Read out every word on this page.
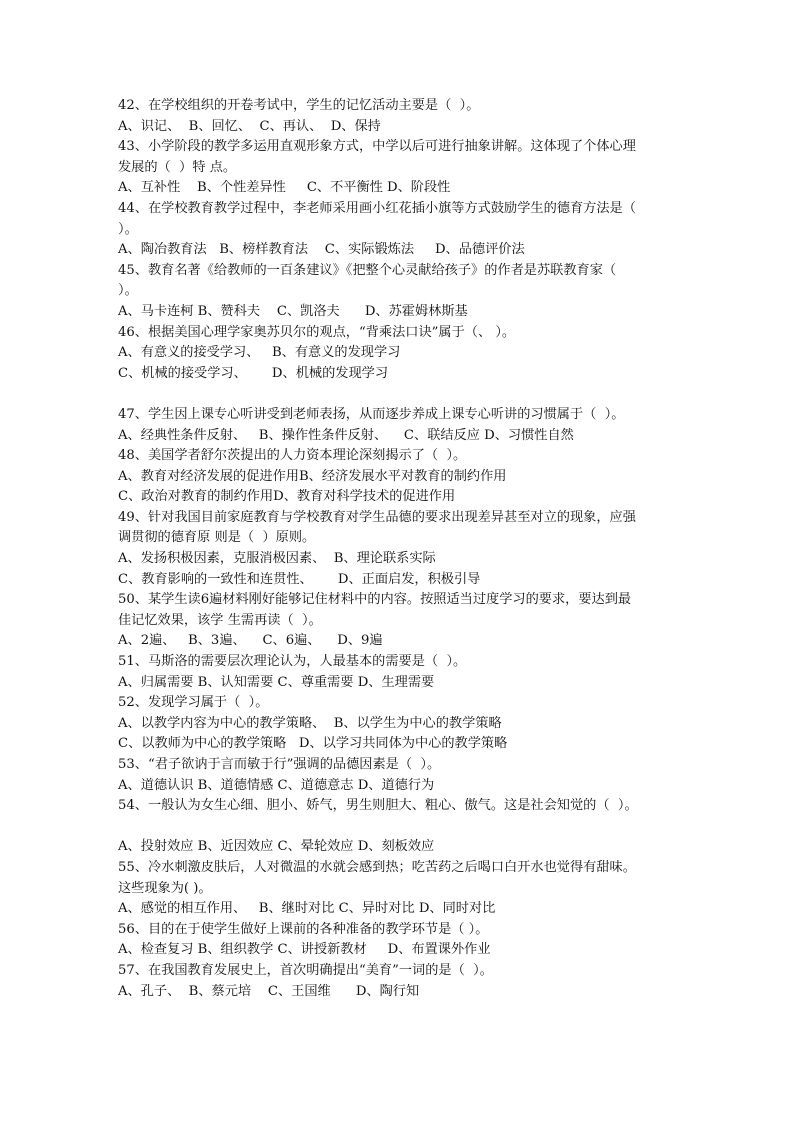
42、在学校组织的开卷考试中，学生的记忆活动主要是（  ）。
A、识记、  B、回忆、  C、再认、  D、保持
43、小学阶段的教学多运用直观形象方式，中学以后可进行抽象讲解。这体现了个体心理
发展的（  ）特 点。
A、互补性    B、个性差异性     C、不平衡性 D、阶段性
44、在学校教育教学过程中，李老师采用画小红花插小旗等方式鼓励学生的德育方法是（
）。
A、陶冶教育法   B、榜样教育法    C、实际锻炼法     D、品德评价法
45、教育名著《给教师的一百条建议》《把整个心灵献给孩子》的作者是苏联教育家（
）。
A、马卡连柯 B、赞科夫    C、凯洛夫      D、苏霍姆林斯基
46、根据美国心理学家奥苏贝尔的观点，“背乘法口诀”属于（、 ）。
A、有意义的接受学习、   B、有意义的发现学习
C、机械的接受学习、      D、机械的发现学习
47、学生因上课专心听讲受到老师表扬，从而逐步养成上课专心听讲的习惯属于（  ）。
A、经典性条件反射、   B、操作性条件反射、    C、联结反应 D、习惯性自然
48、美国学者舒尔茨提出的人力资本理论深刻揭示了（  ）。
A、教育对经济发展的促进作用B、经济发展水平对教育的制约作用
C、政治对教育的制约作用D、教育对科学技术的促进作用
49、针对我国目前家庭教育与学校教育对学生品德的要求出现差异甚至对立的现象，应强
调贯彻的德育原 则是（  ）原则。
A、发扬积极因素，克服消极因素、  B、理论联系实际
C、教育影响的一致性和连贯性、      D、正面启发，积极引导
50、某学生读6遍材料刚好能够记住材料中的内容。按照适当过度学习的要求，要达到最
佳记忆效果，该学 生需再读（  ）。
A、2遍、   B、3遍、    C、6遍、    D、9遍
51、马斯洛的需要层次理论认为，人最基本的需要是（  ）。
A、归属需要 B、认知需要 C、尊重需要 D、生理需要
52、发现学习属于（  ）。
A、以教学内容为中心的教学策略、  B、以学生为中心的教学策略
C、以教师为中心的教学策略   D、以学习共同体为中心的教学策略
53、“君子欲讷于言而敏于行”强调的品德因素是（  ）。
A、道德认识 B、道德情感 C、道德意志 D、道德行为
54、一般认为女生心细、胆小、娇气，男生则胆大、粗心、傲气。这是社会知觉的（  ）。
A、投射效应 B、近因效应 C、晕轮效应 D、刻板效应
55、冷水刺激皮肤后，人对微温的水就会感到热；吃苦药之后喝口白开水也觉得有甜味。
这些现象为( )。
A、感觉的相互作用、   B、继时对比 C、异时对比 D、同时对比
56、目的在于使学生做好上课前的各种准备的教学环节是（ ）。
A、检查复习 B、组织教学 C、讲授新教材     D、布置课外作业
57、在我国教育发展史上，首次明确提出“美育”一词的是（  ）。
A、孔子、  B、蔡元培    C、王国维      D、陶行知
